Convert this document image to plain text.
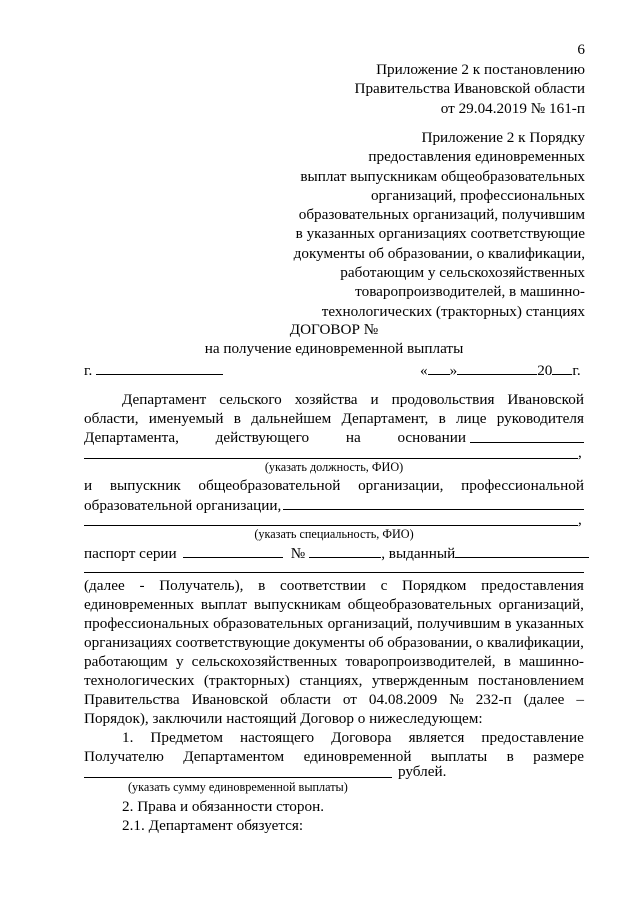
6
Приложение 2 к постановлению
Правительства Ивановской области
от 29.04.2019 № 161-п
Приложение 2 к Порядку
предоставления единовременных
выплат выпускникам общеобразовательных
организаций, профессиональных
образовательных организаций, получившим
в указанных организациях соответствующие
документы об образовании, о квалификации,
работающим у сельскохозяйственных
товаропроизводителей, в машинно-
технологических (тракторных) станциях
ДОГОВОР №
на получение единовременной выплаты
г.	« »	20 г.
Департамент сельского хозяйства и продовольствия Ивановской
области, именуемый в дальнейшем Департамент, в лице руководителя
Департамента, действующего на основании
,
(указать должность, ФИО)
и выпускник общеобразовательной организации, профессиональной
образовательной организации,
,
(указать специальность, ФИО)
паспорт серии	№	, выданный
(далее - Получатель), в соответствии с Порядком предоставления
единовременных выплат выпускникам общеобразовательных организаций,
профессиональных образовательных организаций, получившим в указанных
организациях соответствующие документы об образовании, о квалификации,
работающим у сельскохозяйственных товаропроизводителей, в машинно-
технологических (тракторных) станциях, утвержденным постановлением
Правительства Ивановской области от 04.08.2009 № 232-п (далее –
Порядок), заключили настоящий Договор о нижеследующем:
1. Предметом настоящего Договора является предоставление
Получателю Департаментом единовременной выплаты в размере
рублей.
(указать сумму единовременной выплаты)
2. Права и обязанности сторон.
2.1. Департамент обязуется:
